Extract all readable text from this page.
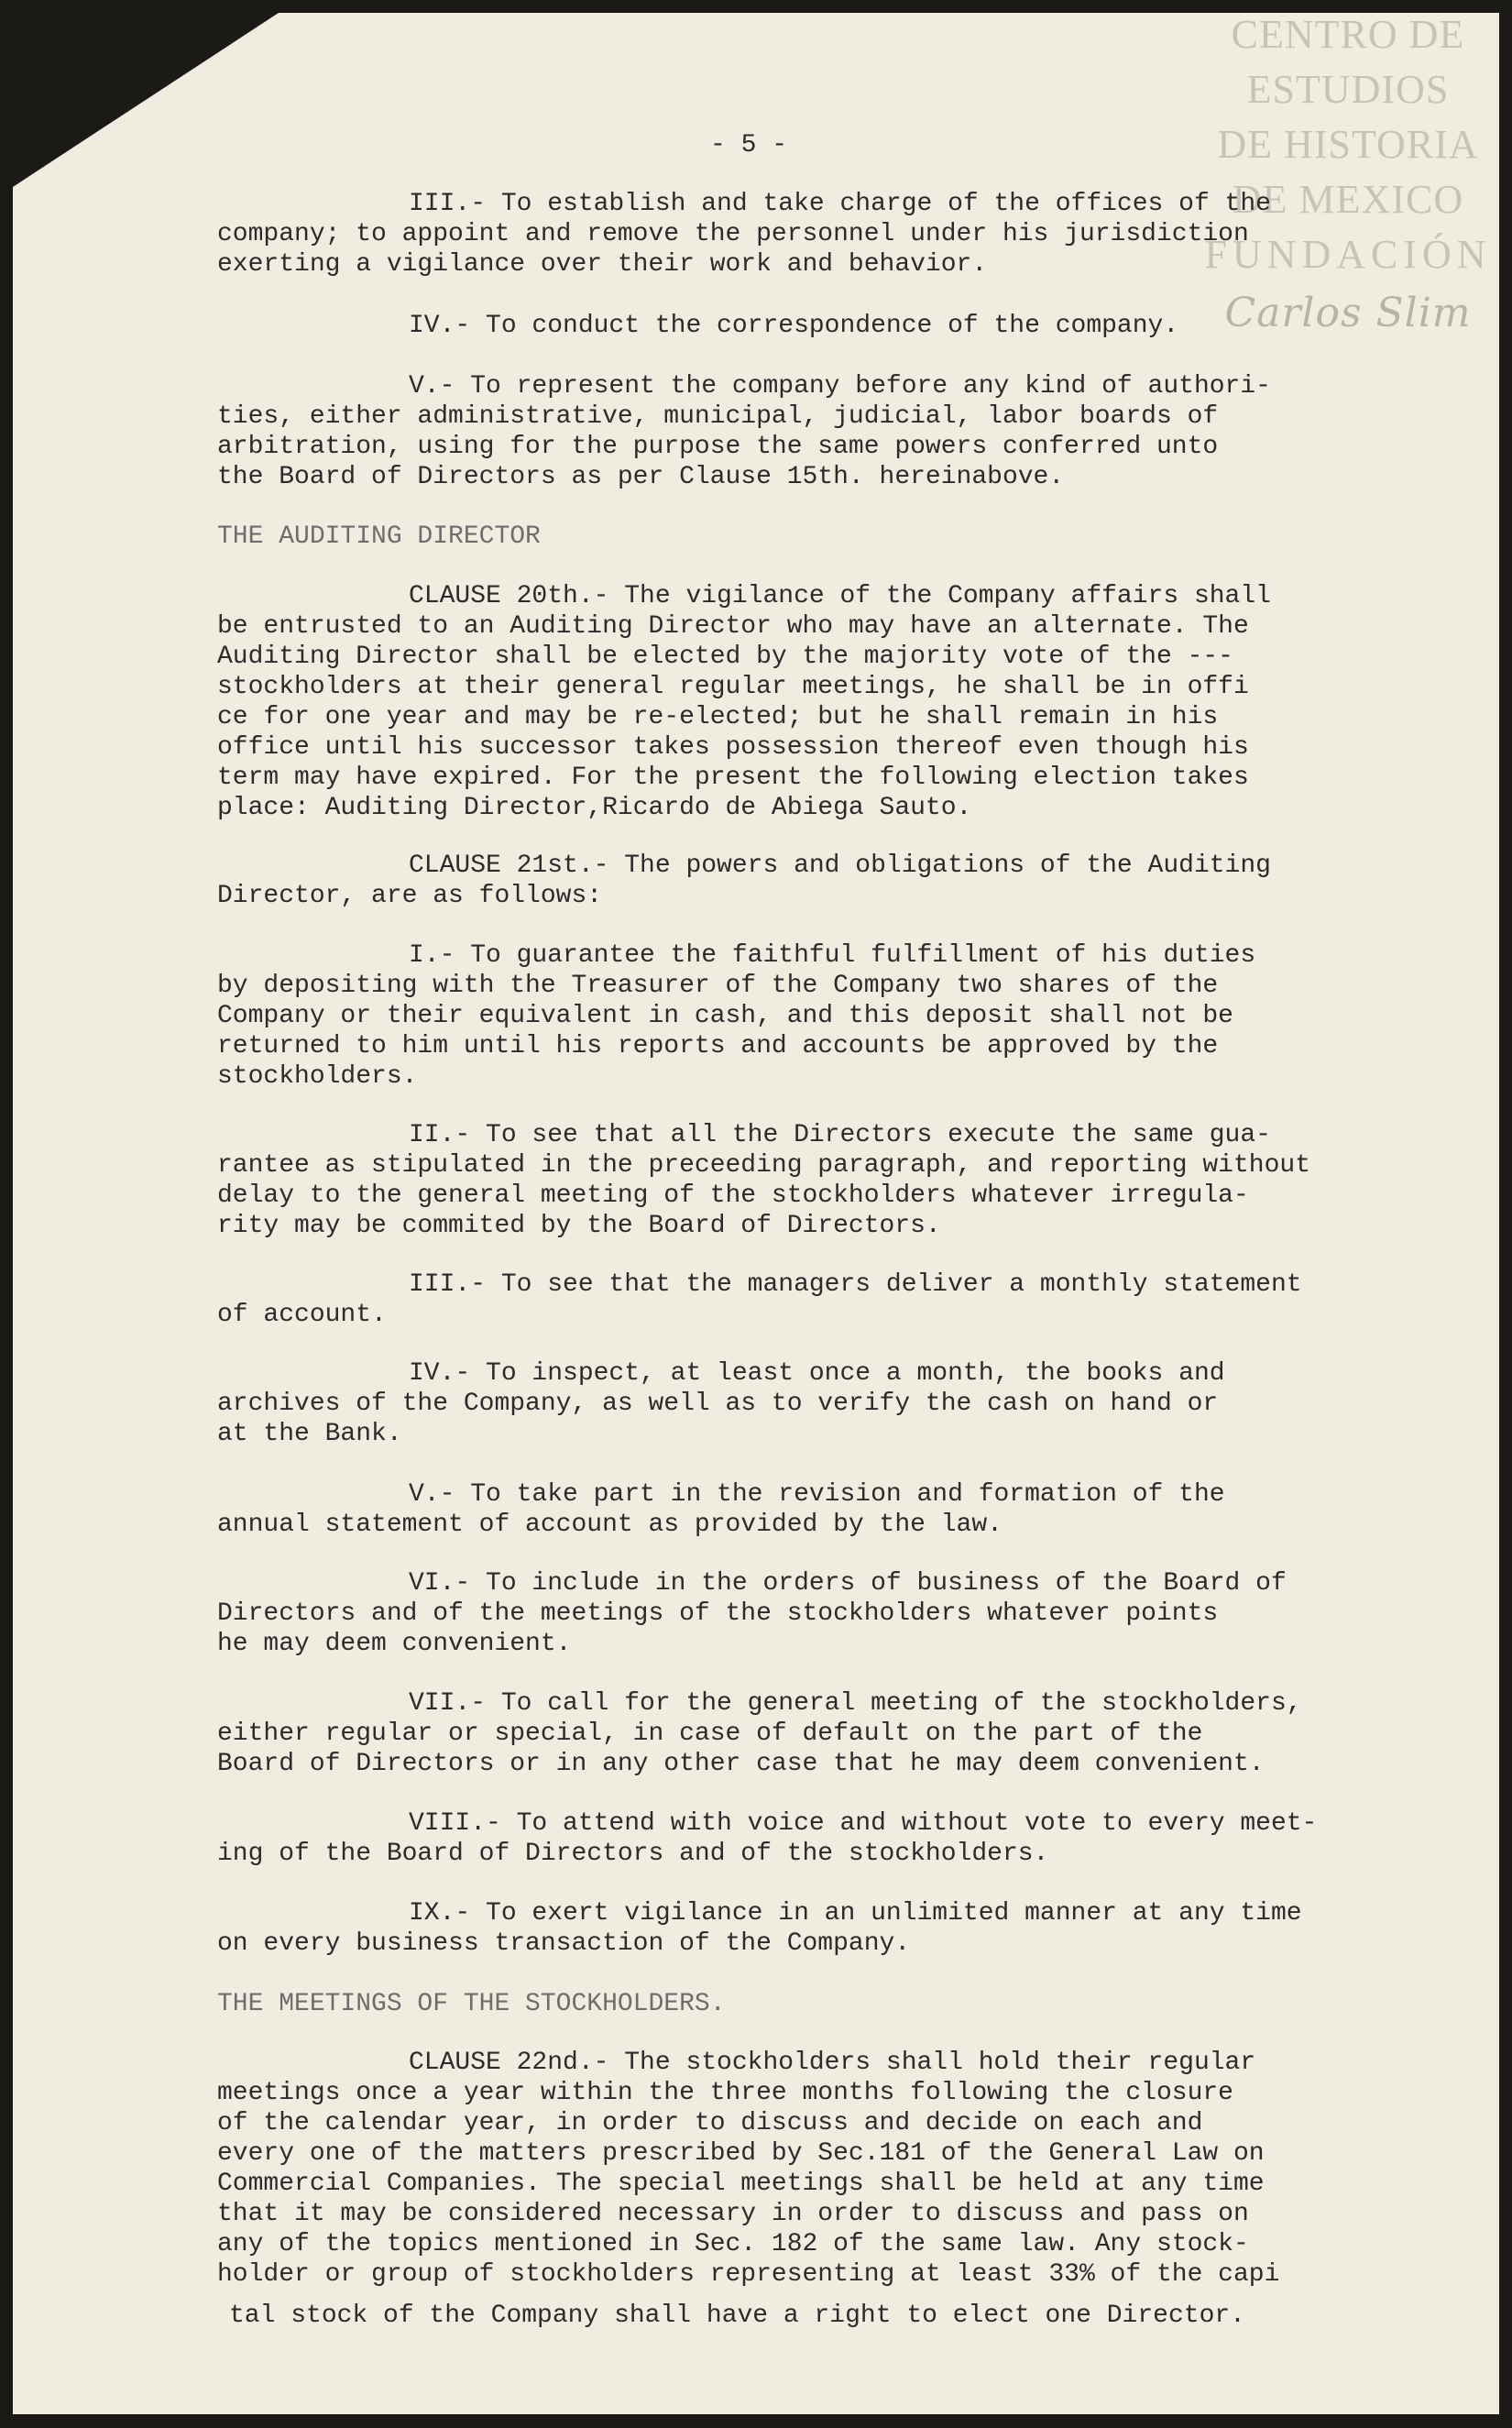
CENTRO DE
ESTUDIOS
DE HISTORIA
DE MEXICO
FUNDACIÓN
Carlos Slim
- 5 -
III.- To establish and take charge of the offices of the
company; to appoint and remove the personnel under his jurisdiction
exerting a vigilance over their work and behavior.
IV.- To conduct the correspondence of the company.
V.- To represent the company before any kind of authori-
ties, either administrative, municipal, judicial, labor boards of
arbitration, using for the purpose the same powers conferred unto
the Board of Directors as per Clause 15th. hereinabove.
THE AUDITING DIRECTOR
CLAUSE 20th.- The vigilance of the Company affairs shall
be entrusted to an Auditing Director who may have an alternate. The
Auditing Director shall be elected by the majority vote of the ---
stockholders at their general regular meetings, he shall be in offi
ce for one year and may be re-elected; but he shall remain in his
office until his successor takes possession thereof even though his
term may have expired. For the present the following election takes
place: Auditing Director,Ricardo de Abiega Sauto.
CLAUSE 21st.- The powers and obligations of the Auditing
Director, are as follows:
I.- To guarantee the faithful fulfillment of his duties
by depositing with the Treasurer of the Company two shares of the
Company or their equivalent in cash, and this deposit shall not be
returned to him until his reports and accounts be approved by the
stockholders.
II.- To see that all the Directors execute the same gua-
rantee as stipulated in the preceeding paragraph, and reporting without
delay to the general meeting of the stockholders whatever irregula-
rity may be commited by the Board of Directors.
III.- To see that the managers deliver a monthly statement
of account.
IV.- To inspect, at least once a month, the books and
archives of the Company, as well as to verify the cash on hand or
at the Bank.
V.- To take part in the revision and formation of the
annual statement of account as provided by the law.
VI.- To include in the orders of business of the Board of
Directors and of the meetings of the stockholders whatever points
he may deem convenient.
VII.- To call for the general meeting of the stockholders,
either regular or special, in case of default on the part of the
Board of Directors or in any other case that he may deem convenient.
VIII.- To attend with voice and without vote to every meet-
ing of the Board of Directors and of the stockholders.
IX.- To exert vigilance in an unlimited manner at any time
on every business transaction of the Company.
THE MEETINGS OF THE STOCKHOLDERS.
CLAUSE 22nd.- The stockholders shall hold their regular
meetings once a year within the three months following the closure
of the calendar year, in order to discuss and decide on each and
every one of the matters prescribed by Sec.181 of the General Law on
Commercial Companies. The special meetings shall be held at any time
that it may be considered necessary in order to discuss and pass on
any of the topics mentioned in Sec. 182 of the same law. Any stock-
holder or group of stockholders representing at least 33% of the capi
tal stock of the Company shall have a right to elect one Director.
